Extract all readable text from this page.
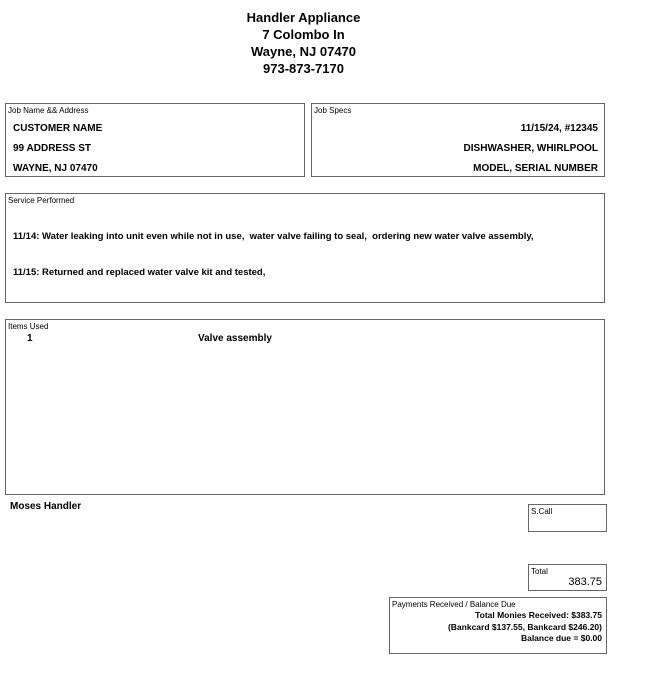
Handler Appliance
7 Colombo In
Wayne, NJ 07470
973-873-7170
Job Name && Address
CUSTOMER NAME
99 ADDRESS ST
WAYNE, NJ 07470
Job Specs
11/15/24, #12345
DISHWASHER, WHIRLPOOL
MODEL, SERIAL NUMBER
Service Performed

11/14: Water leaking into unit even while not in use,  water valve failing to seal,  ordering new water valve assembly,

11/15: Returned and replaced water valve kit and tested,

Items Used
1	Valve assembly
Moses Handler	S.Call
Total
383.75
Payments Received / Balance Due
Total Monies Received: $383.75
(Bankcard $137.55, Bankcard $246.20)
Balance due = $0.00
